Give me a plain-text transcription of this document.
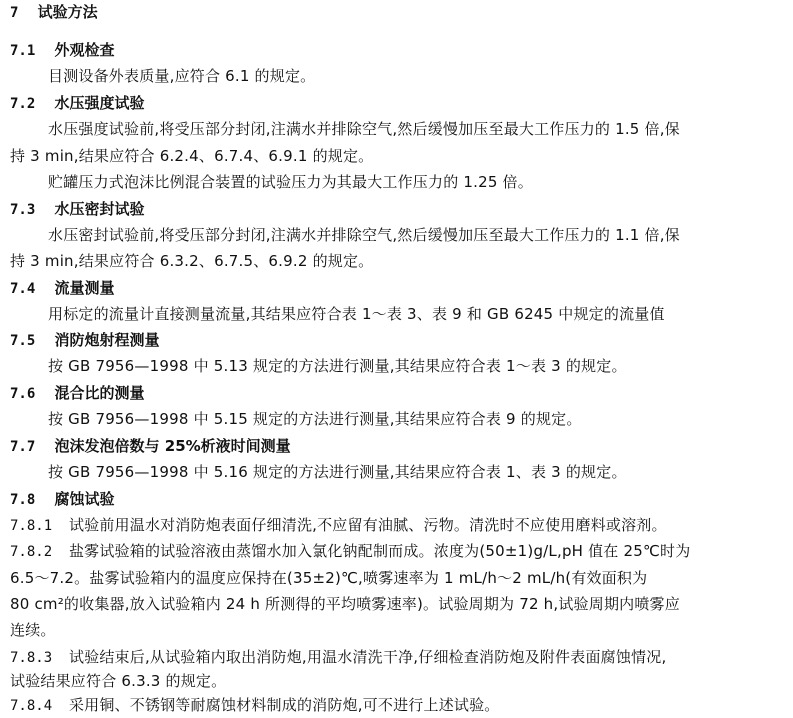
7 试验方法
7.1 外观检查
目测设备外表质量,应符合 6.1 的规定。
7.2 水压强度试验
水压强度试验前,将受压部分封闭,注满水并排除空气,然后缓慢加压至最大工作压力的 1.5 倍,保
持 3 min,结果应符合 6.2.4、6.7.4、6.9.1 的规定。
贮罐压力式泡沫比例混合装置的试验压力为其最大工作压力的 1.25 倍。
7.3 水压密封试验
水压密封试验前,将受压部分封闭,注满水并排除空气,然后缓慢加压至最大工作压力的 1.1 倍,保
持 3 min,结果应符合 6.3.2、6.7.5、6.9.2 的规定。
7.4 流量测量
用标定的流量计直接测量流量,其结果应符合表 1～表 3、表 9 和 GB 6245 中规定的流量值
7.5 消防炮射程测量
按 GB 7956—1998 中 5.13 规定的方法进行测量,其结果应符合表 1～表 3 的规定。
7.6 混合比的测量
按 GB 7956—1998 中 5.15 规定的方法进行测量,其结果应符合表 9 的规定。
7.7 泡沫发泡倍数与 25%析液时间测量
按 GB 7956—1998 中 5.16 规定的方法进行测量,其结果应符合表 1、表 3 的规定。
7.8 腐蚀试验
7.8.1 试验前用温水对消防炮表面仔细清洗,不应留有油腻、污物。清洗时不应使用磨料或溶剂。
7.8.2 盐雾试验箱的试验溶液由蒸馏水加入氯化钠配制而成。浓度为(50±1)g/L,pH 值在 25℃时为
6.5～7.2。盐雾试验箱内的温度应保持在(35±2)℃,喷雾速率为 1 mL/h～2 mL/h(有效面积为
80 cm²的收集器,放入试验箱内 24 h 所测得的平均喷雾速率)。试验周期为 72 h,试验周期内喷雾应
连续。
7.8.3 试验结束后,从试验箱内取出消防炮,用温水清洗干净,仔细检查消防炮及附件表面腐蚀情况,
试验结果应符合 6.3.3 的规定。
7.8.4 采用铜、不锈钢等耐腐蚀材料制成的消防炮,可不进行上述试验。
